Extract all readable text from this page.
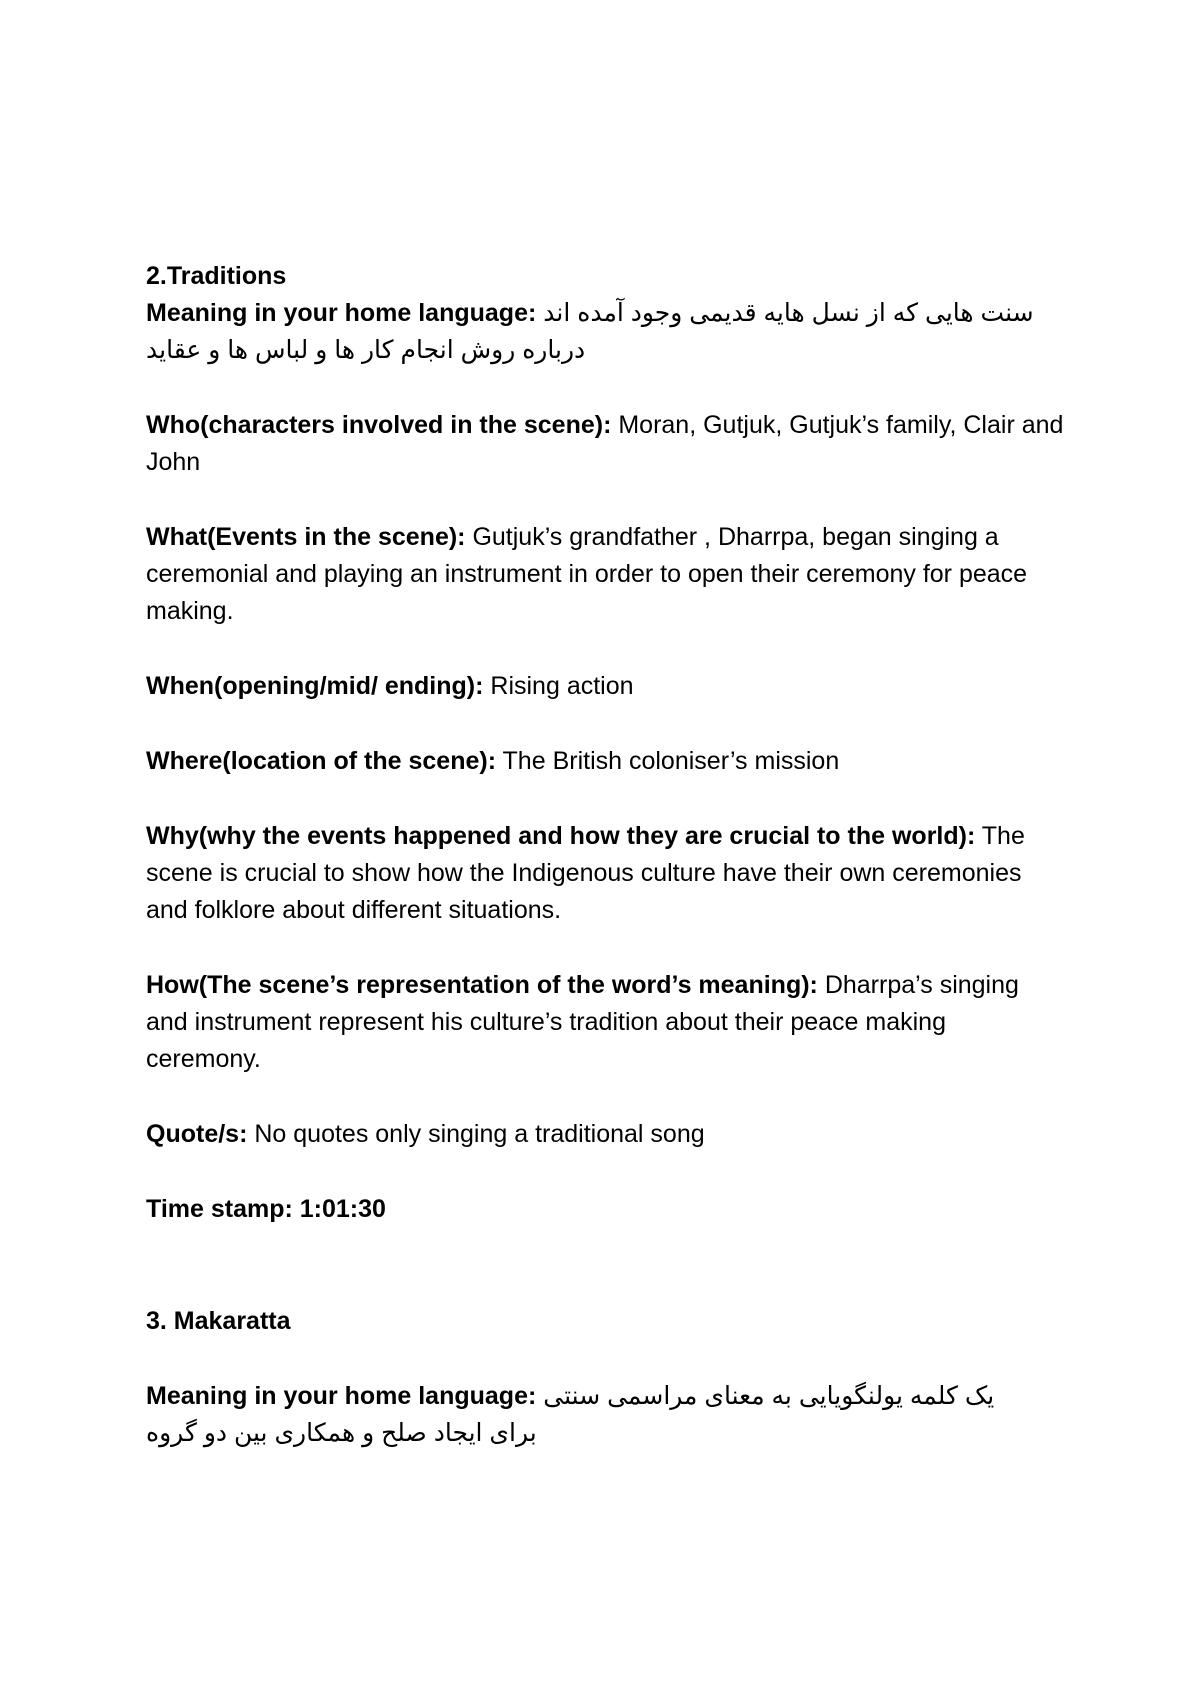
2.Traditions

Meaning in your home language: سنت هایی که از نسل هایه قدیمی وجود آمده اند
درباره روش انجام کار ها و لباس ها و عقاید

Who(characters involved in the scene): Moran, Gutjuk, Gutjuk’s family, Clair and John

What(Events in the scene): Gutjuk’s grandfather , Dharrpa, began singing a ceremonial and playing an instrument in order to open their ceremony for peace making.

When(opening/mid/ ending): Rising action

Where(location of the scene): The British coloniser’s mission

Why(why the events happened and how they are crucial to the world): The scene is crucial to show how the Indigenous culture have their own ceremonies and folklore about different situations.

How(The scene’s representation of the word’s meaning): Dharrpa’s singing and instrument represent his culture’s tradition about their peace making ceremony.

Quote/s: No quotes only singing a traditional song

Time stamp: 1:01:30

3. Makaratta

Meaning in your home language: یک کلمه یولنگویایی به معنای مراسمی سنتی
برای ایجاد صلح و همکاری بین دو گروه
